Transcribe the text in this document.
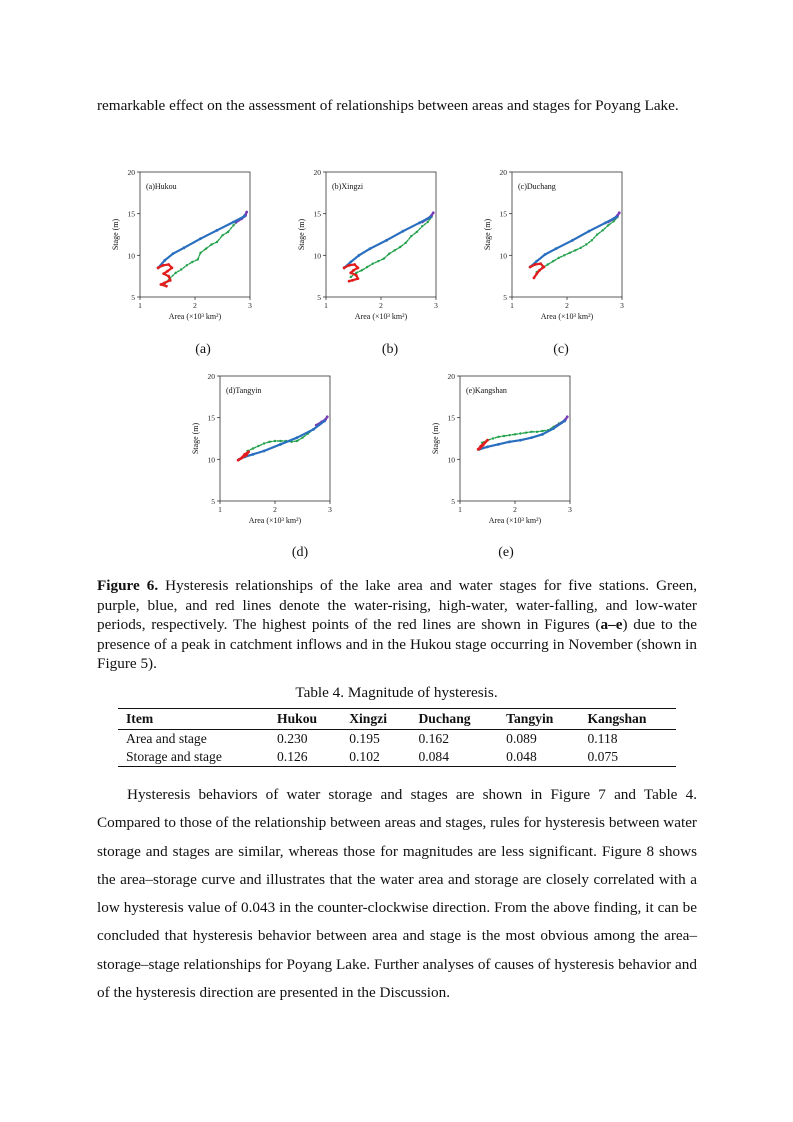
remarkable effect on the assessment of relationships between areas and stages for Poyang Lake.
5
10
15
20
1	2	3
Area (×10³ km²)
Stage (m)
(a)Hukou
5
10
15
20
1	2	3
Area (×10³ km²)
Stage (m)
(b)Xingzi
5
10
15
20
1	2	3
Area (×10³ km²)
Stage (m)
(c)Duchang
5
10
15
20
1	2	3
Area (×10³ km²)
Stage (m)
(d)Tangyin
5
10
15
20
1	2	3
Area (×10³ km²)
Stage (m)
(e)Kangshan
(a)	(b)	(c)
(d)	(e)
Figure 6. Hysteresis relationships of the lake area and water stages for five stations. Green, purple, blue, and red lines denote the water-rising, high-water, water-falling, and low-water periods, respectively. The highest points of the red lines are shown in Figures (a–e) due to the presence of a peak in catchment inflows and in the Hukou stage occurring in November (shown in Figure 5).
Table 4. Magnitude of hysteresis.
Item	Hukou	Xingzi	Duchang	Tangyin	Kangshan
Area and stage	0.230	0.195	0.162	0.089	0.118
Storage and stage	0.126	0.102	0.084	0.048	0.075
Hysteresis behaviors of water storage and stages are shown in Figure 7 and Table 4. Compared to those of the relationship between areas and stages, rules for hysteresis between water storage and stages are similar, whereas those for magnitudes are less significant. Figure 8 shows the area–storage curve and illustrates that the water area and storage are closely correlated with a low hysteresis value of 0.043 in the counter-clockwise direction. From the above finding, it can be concluded that hysteresis behavior between area and stage is the most obvious among the area–storage–stage relationships for Poyang Lake. Further analyses of causes of hysteresis behavior and of the hysteresis direction are presented in the Discussion.
